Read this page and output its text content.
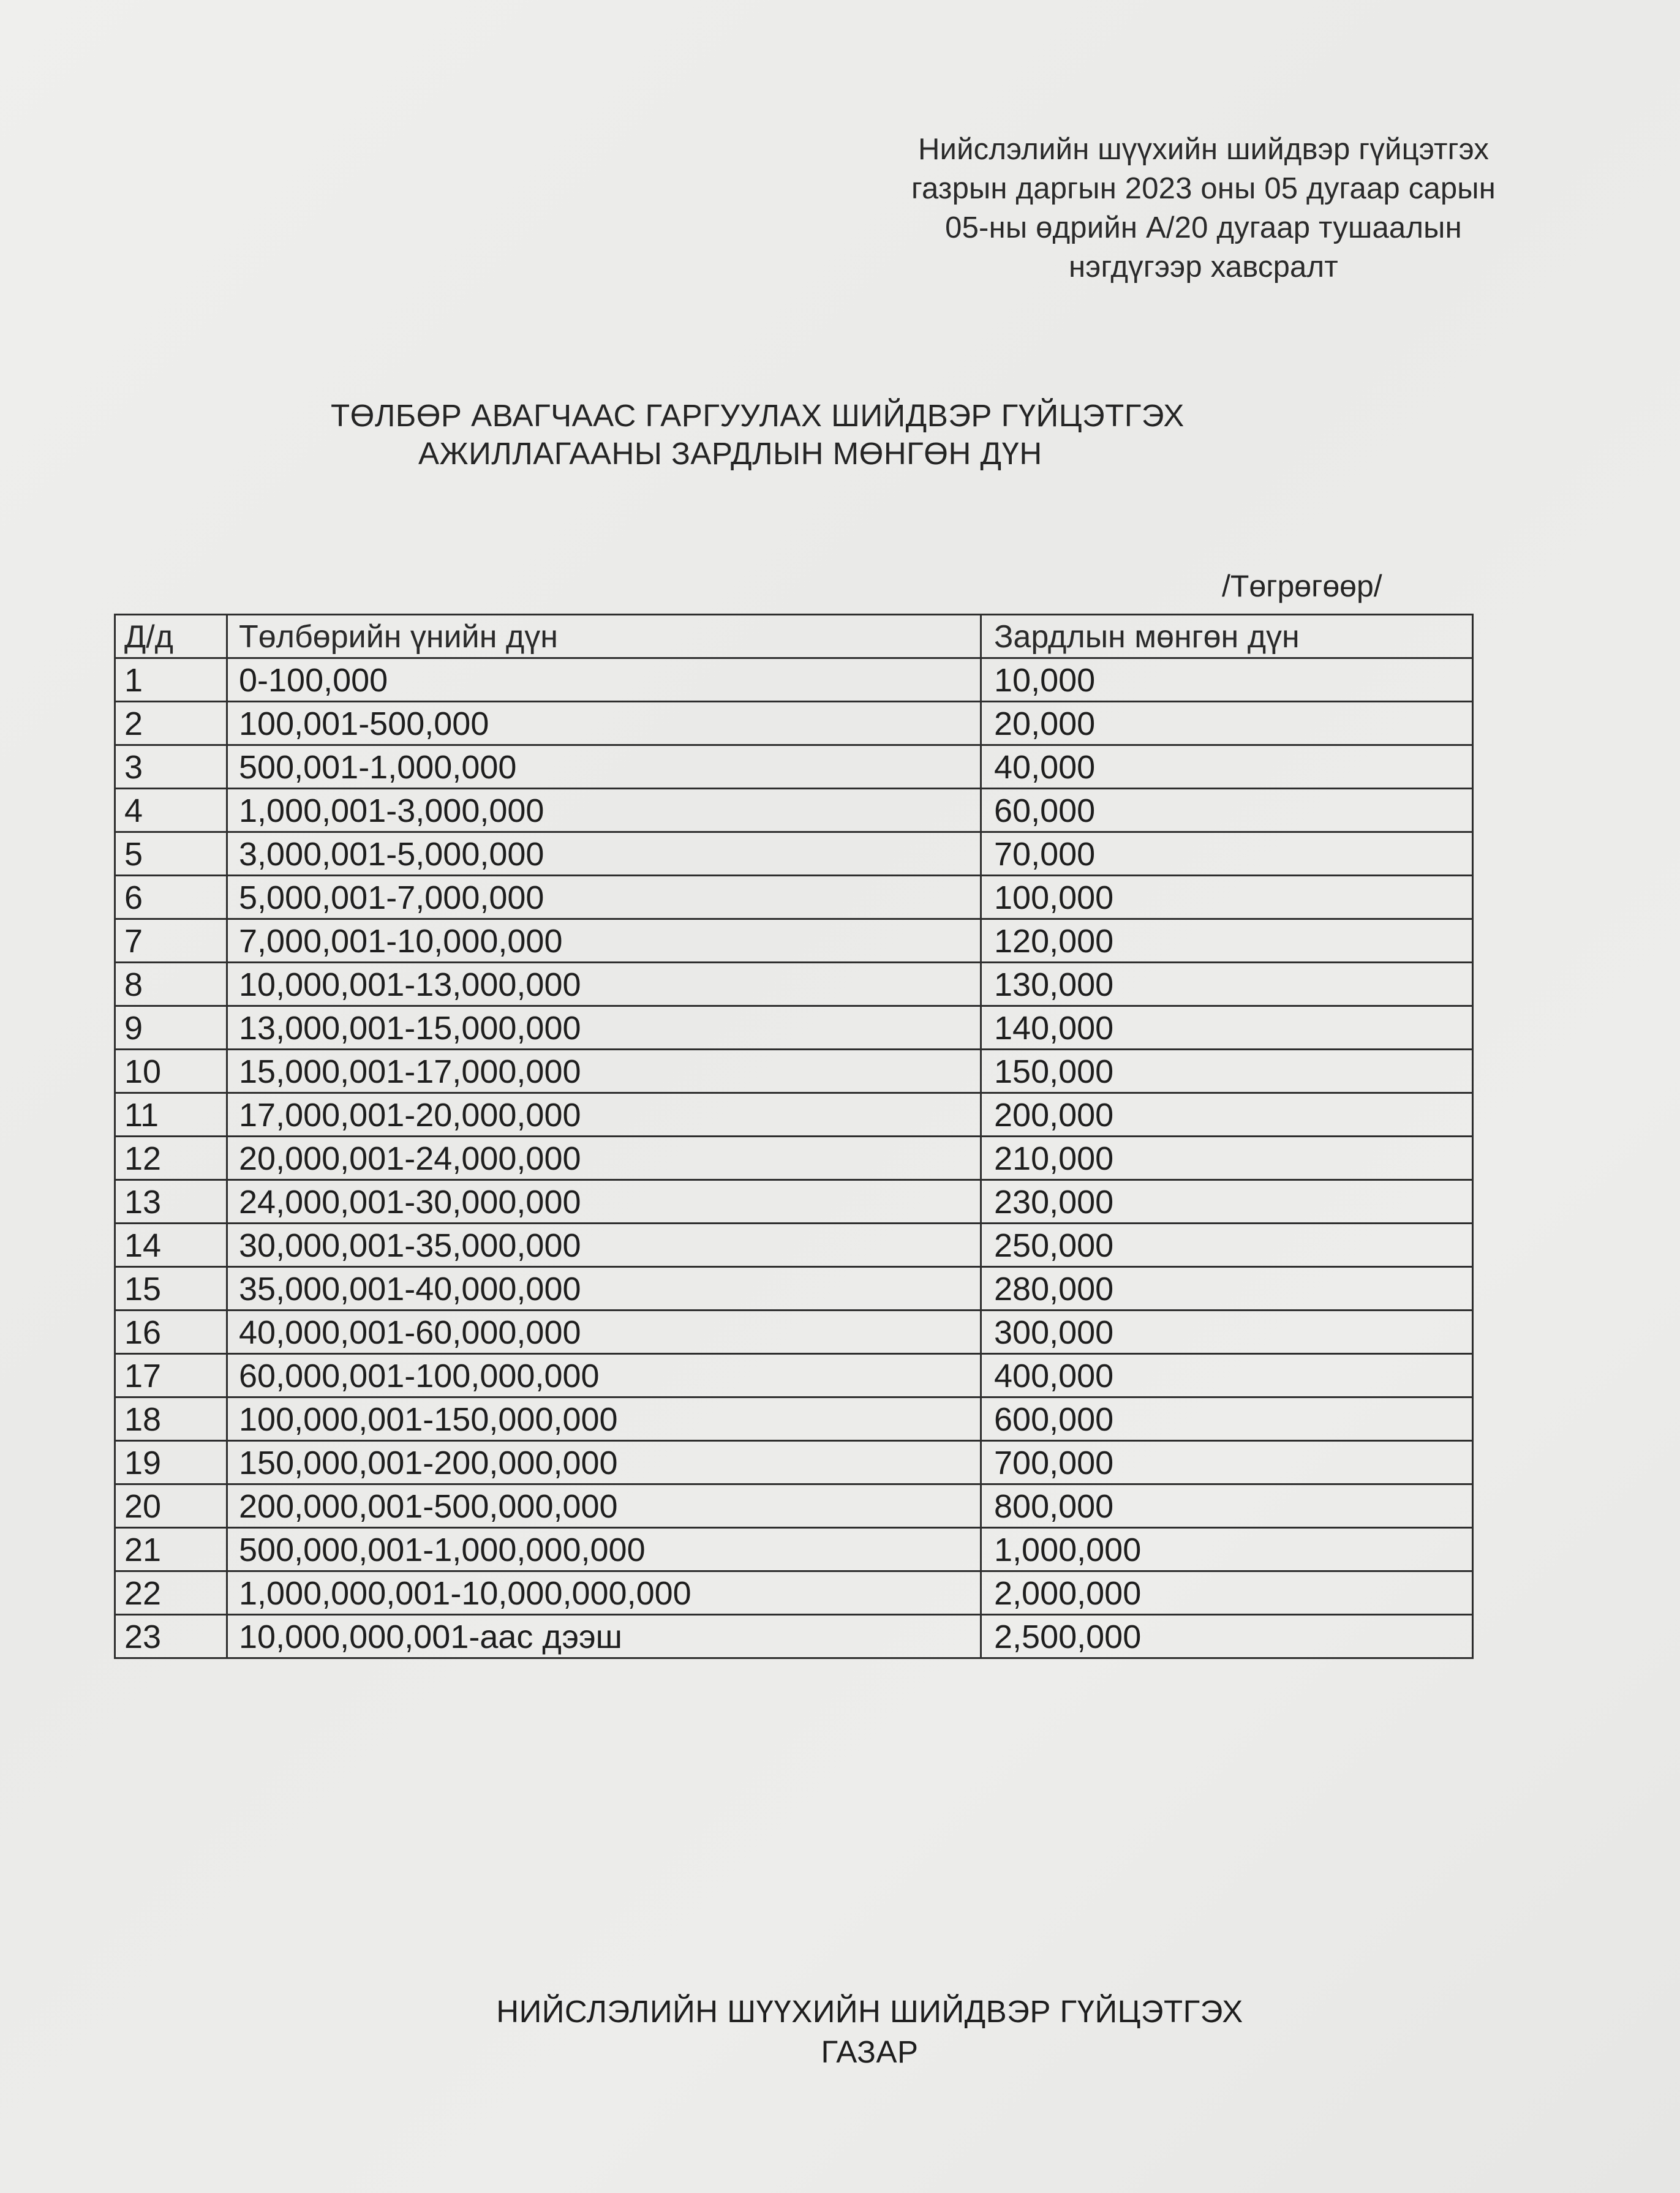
Нийслэлийн шүүхийн шийдвэр гүйцэтгэх
газрын даргын 2023 оны 05 дугаар сарын
05-ны өдрийн А/20 дугаар тушаалын
нэгдүгээр хавсралт
ТӨЛБӨР АВАГЧААС ГАРГУУЛАХ ШИЙДВЭР ГҮЙЦЭТГЭХ
АЖИЛЛАГААНЫ ЗАРДЛЫН МӨНГӨН ДҮН
/Төгрөгөөр/
Д/д	Төлбөрийн үнийн дүн	Зардлын мөнгөн дүн
1	0-100,000	10,000
2	100,001-500,000	20,000
3	500,001-1,000,000	40,000
4	1,000,001-3,000,000	60,000
5	3,000,001-5,000,000	70,000
6	5,000,001-7,000,000	100,000
7	7,000,001-10,000,000	120,000
8	10,000,001-13,000,000	130,000
9	13,000,001-15,000,000	140,000
10	15,000,001-17,000,000	150,000
11	17,000,001-20,000,000	200,000
12	20,000,001-24,000,000	210,000
13	24,000,001-30,000,000	230,000
14	30,000,001-35,000,000	250,000
15	35,000,001-40,000,000	280,000
16	40,000,001-60,000,000	300,000
17	60,000,001-100,000,000	400,000
18	100,000,001-150,000,000	600,000
19	150,000,001-200,000,000	700,000
20	200,000,001-500,000,000	800,000
21	500,000,001-1,000,000,000	1,000,000
22	1,000,000,001-10,000,000,000	2,000,000
23	10,000,000,001-аас дээш	2,500,000
НИЙСЛЭЛИЙН ШҮҮХИЙН ШИЙДВЭР ГҮЙЦЭТГЭХ
ГАЗАР
